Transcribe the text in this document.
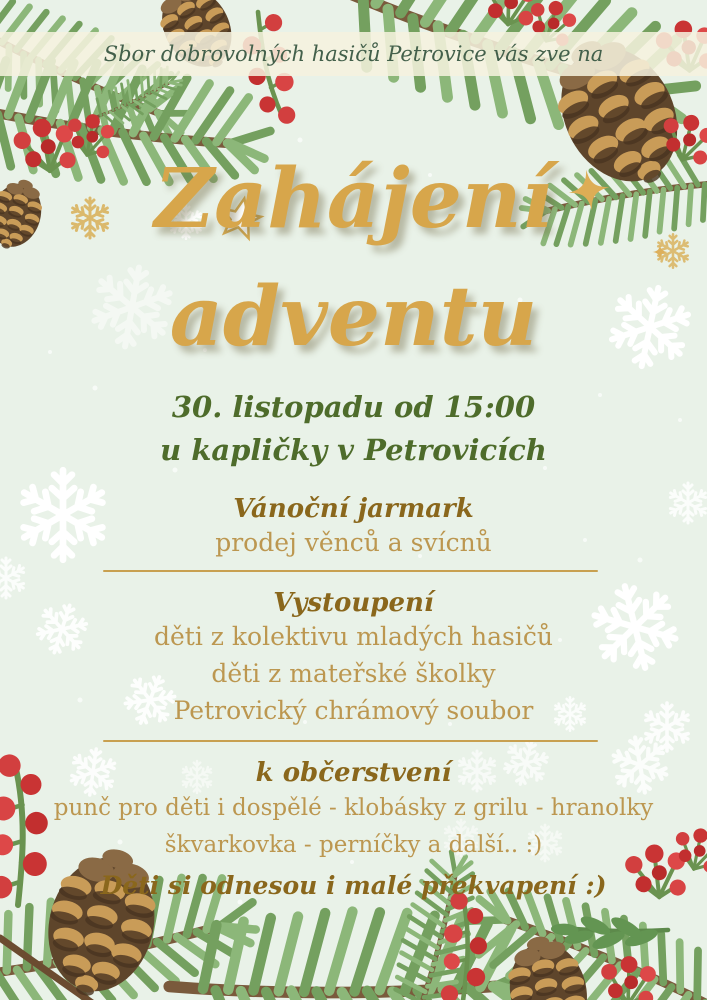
Sbor dobrovolných hasičů Petrovice vás zve na
Zahájení
adventu
30. listopadu od 15:00
u kapličky v Petrovicích
Vánoční jarmark
prodej věnců a svícnů
Vystoupení
děti z kolektivu mladých hasičů
děti z mateřské školky
Petrovický chrámový soubor
k občerstvení
punč pro děti i dospělé - klobásky z grilu - hranolky
škvarkovka - perníčky a další.. :)
Děti si odnesou i malé překvapení :)
